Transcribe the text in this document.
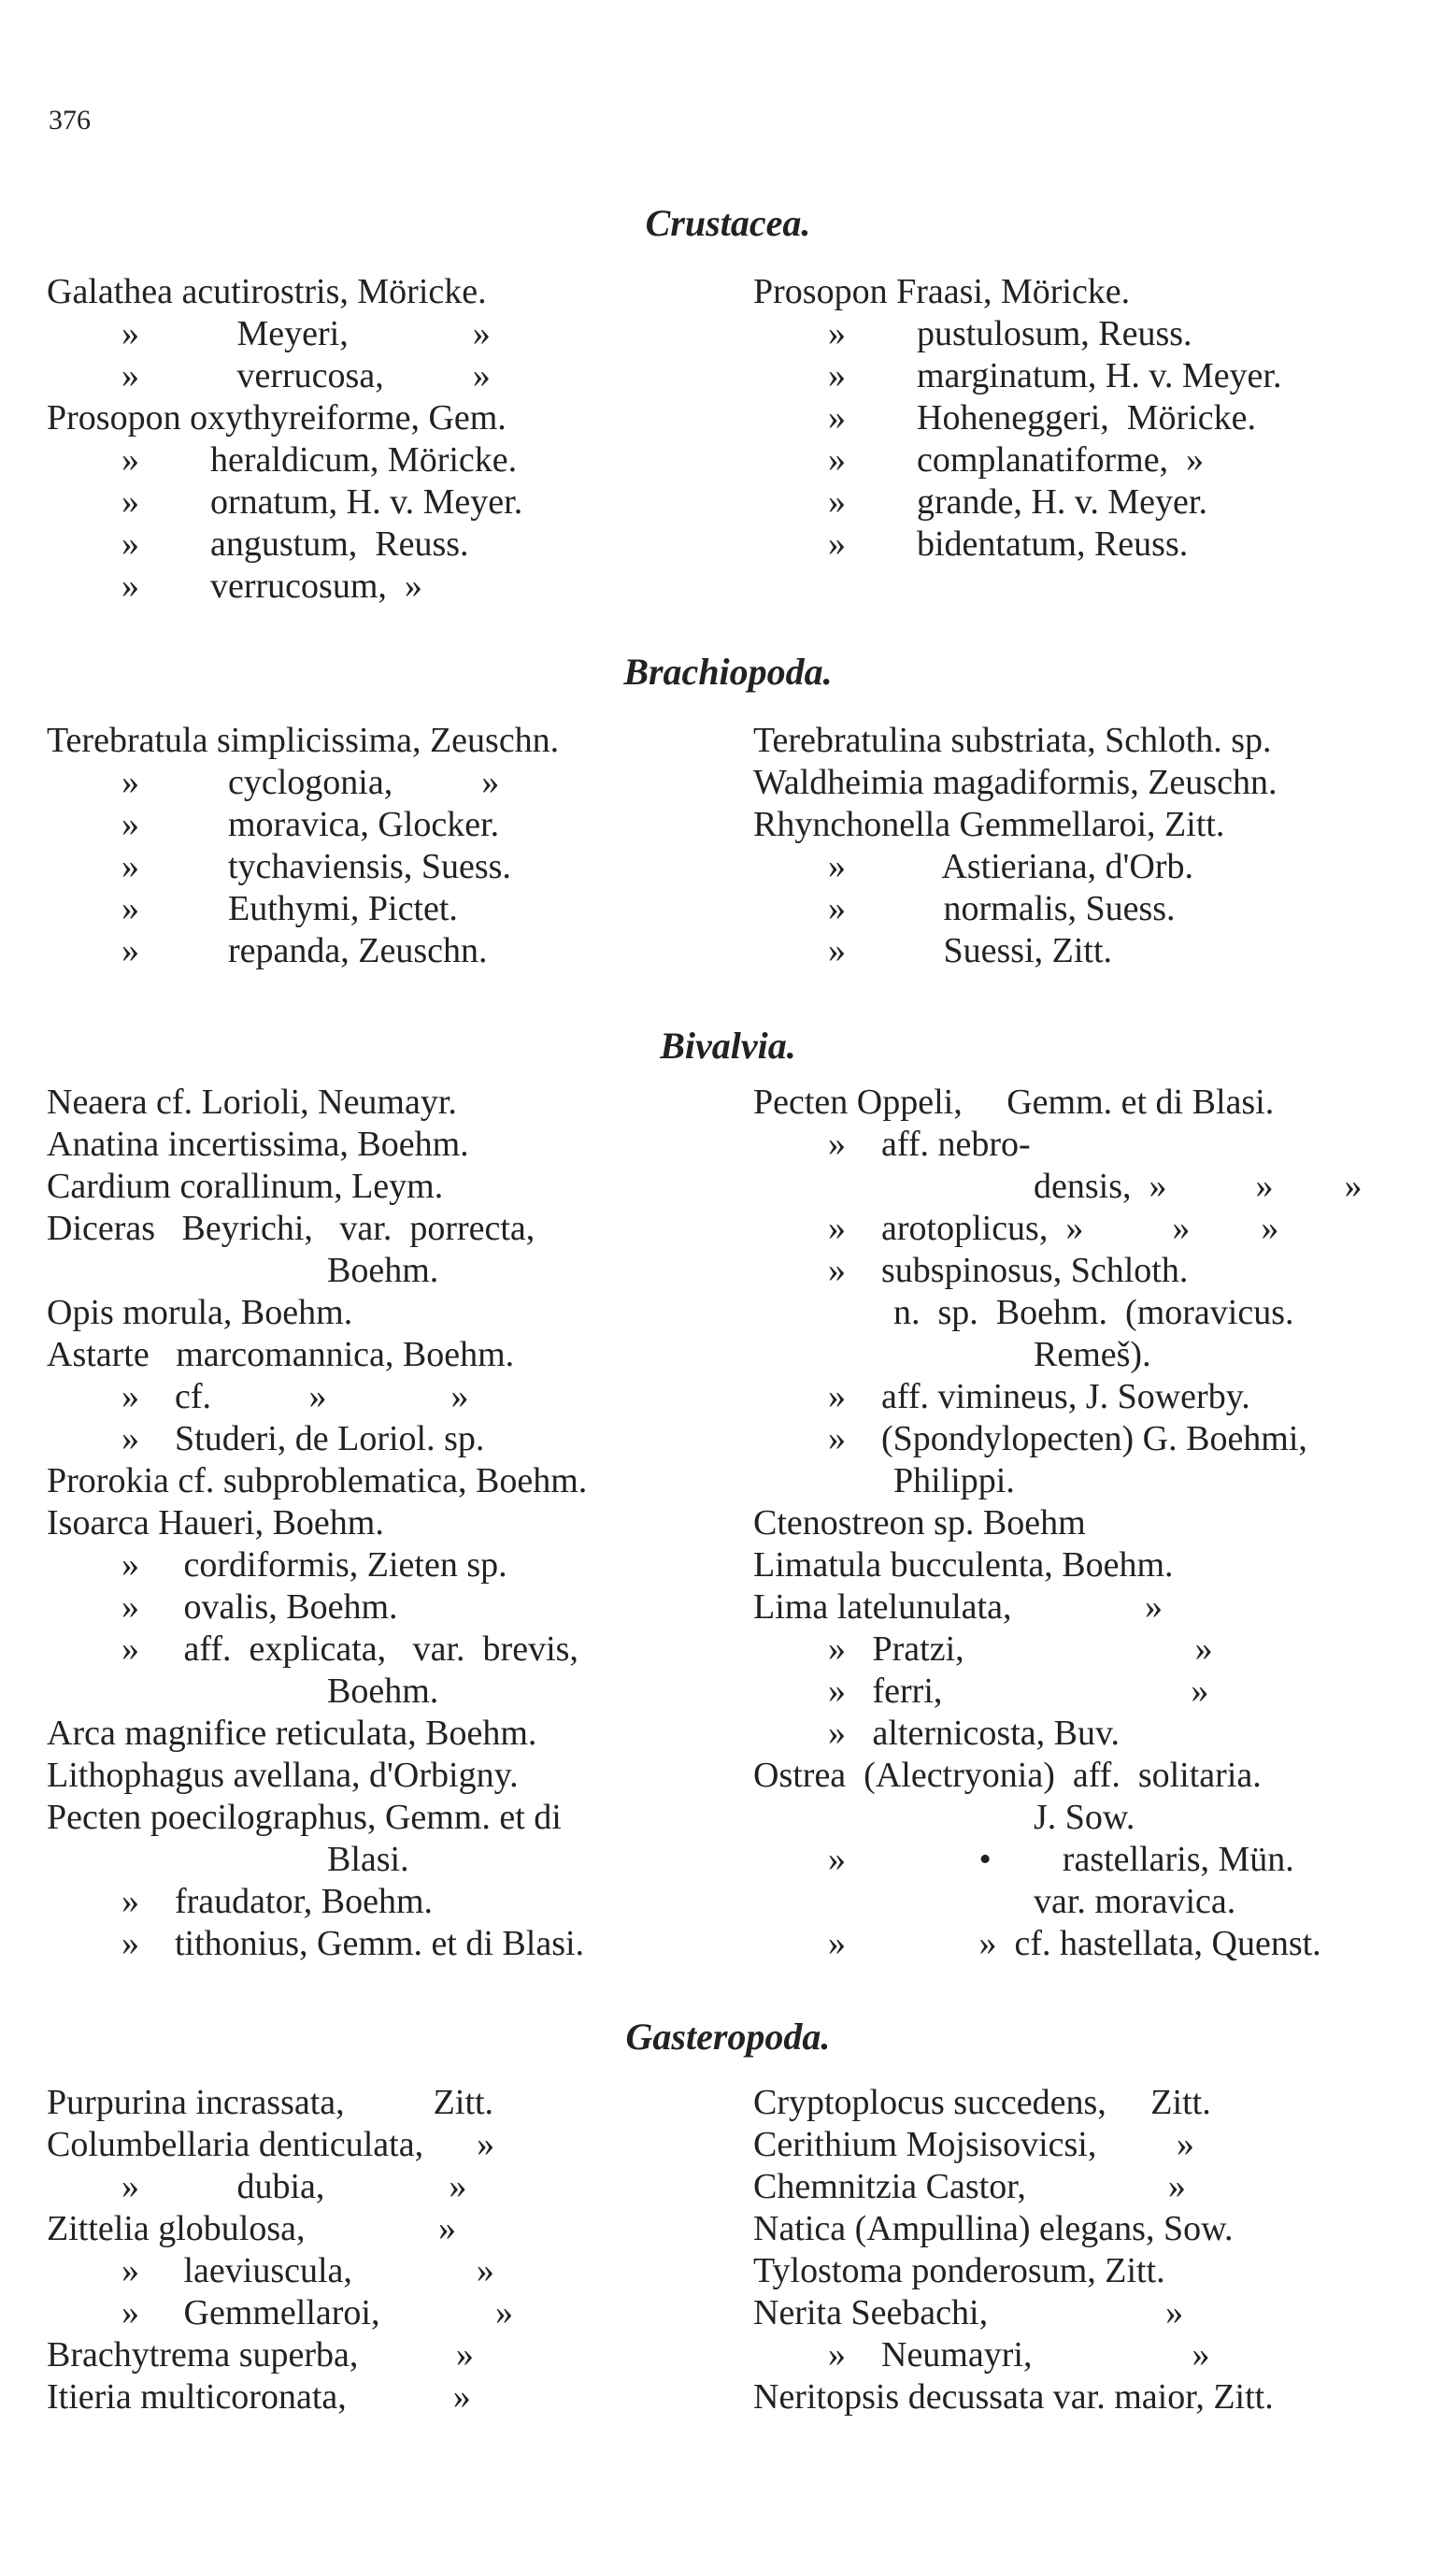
376
Crustacea.
Galathea acutirostris, Möricke.
»           Meyeri,              »
»           verrucosa,          »
Prosopon oxythyreiforme, Gem.
»        heraldicum, Möricke.
»        ornatum, H. v. Meyer.
»        angustum,  Reuss.
»        verrucosum,  »
Prosopon Fraasi, Möricke.
»        pustulosum, Reuss.
»        marginatum, H. v. Meyer.
»        Hoheneggeri,  Möricke.
»        complanatiforme,  »
»        grande, H. v. Meyer.
»        bidentatum, Reuss.
Brachiopoda.
Terebratula simplicissima, Zeuschn.
»          cyclogonia,          »
»          moravica, Glocker.
»          tychaviensis, Suess.
»          Euthymi, Pictet.
»          repanda, Zeuschn.
Terebratulina substriata, Schloth. sp.
Waldheimia magadiformis, Zeuschn.
Rhynchonella Gemmellaroi, Zitt.
»           Astieriana, d'Orb.
»           normalis, Suess.
»           Suessi, Zitt.
Bivalvia.
Neaera cf. Lorioli, Neumayr.
Anatina incertissima, Boehm.
Cardium corallinum, Leym.
Diceras   Beyrichi,   var.  porrecta,
Boehm.
Opis morula, Boehm.
Astarte   marcomannica, Boehm.
»    cf.           »              »
»    Studeri, de Loriol. sp.
Prorokia cf. subproblematica, Boehm.
Isoarca Haueri, Boehm.
»     cordiformis, Zieten sp.
»     ovalis, Boehm.
»     aff.  explicata,   var.  brevis,
Boehm.
Arca magnifice reticulata, Boehm.
Lithophagus avellana, d'Orbigny.
Pecten poecilographus, Gemm. et di
Blasi.
»    fraudator, Boehm.
»    tithonius, Gemm. et di Blasi.
Pecten Oppeli,     Gemm. et di Blasi.
»    aff. nebro-
densis,  »          »        »
»    arotoplicus,  »          »        »
»    subspinosus, Schloth.
n.  sp.  Boehm.  (moravicus.
Remeš).
»    aff. vimineus, J. Sowerby.
»    (Spondylopecten) G. Boehmi,
Philippi.
Ctenostreon sp. Boehm
Limatula bucculenta, Boehm.
Lima latelunulata,               »
»   Pratzi,                          »
»   ferri,                            »
»   alternicosta, Buv.
Ostrea  (Alectryonia)  aff.  solitaria.
J. Sow.
»               •        rastellaris, Mün.
var. moravica.
»               »  cf. hastellata, Quenst.
Gasteropoda.
Purpurina incrassata,          Zitt.
Columbellaria denticulata,      »
»           dubia,              »
Zittelia globulosa,               »
»     laeviuscula,              »
»     Gemmellaroi,             »
Brachytrema superba,           »
Itieria multicoronata,            »
Cryptoplocus succedens,     Zitt.
Cerithium Mojsisovicsi,         »
Chemnitzia Castor,                »
Natica (Ampullina) elegans, Sow.
Tylostoma ponderosum, Zitt.
Nerita Seebachi,                    »
»    Neumayri,                  »
Neritopsis decussata var. maior, Zitt.
